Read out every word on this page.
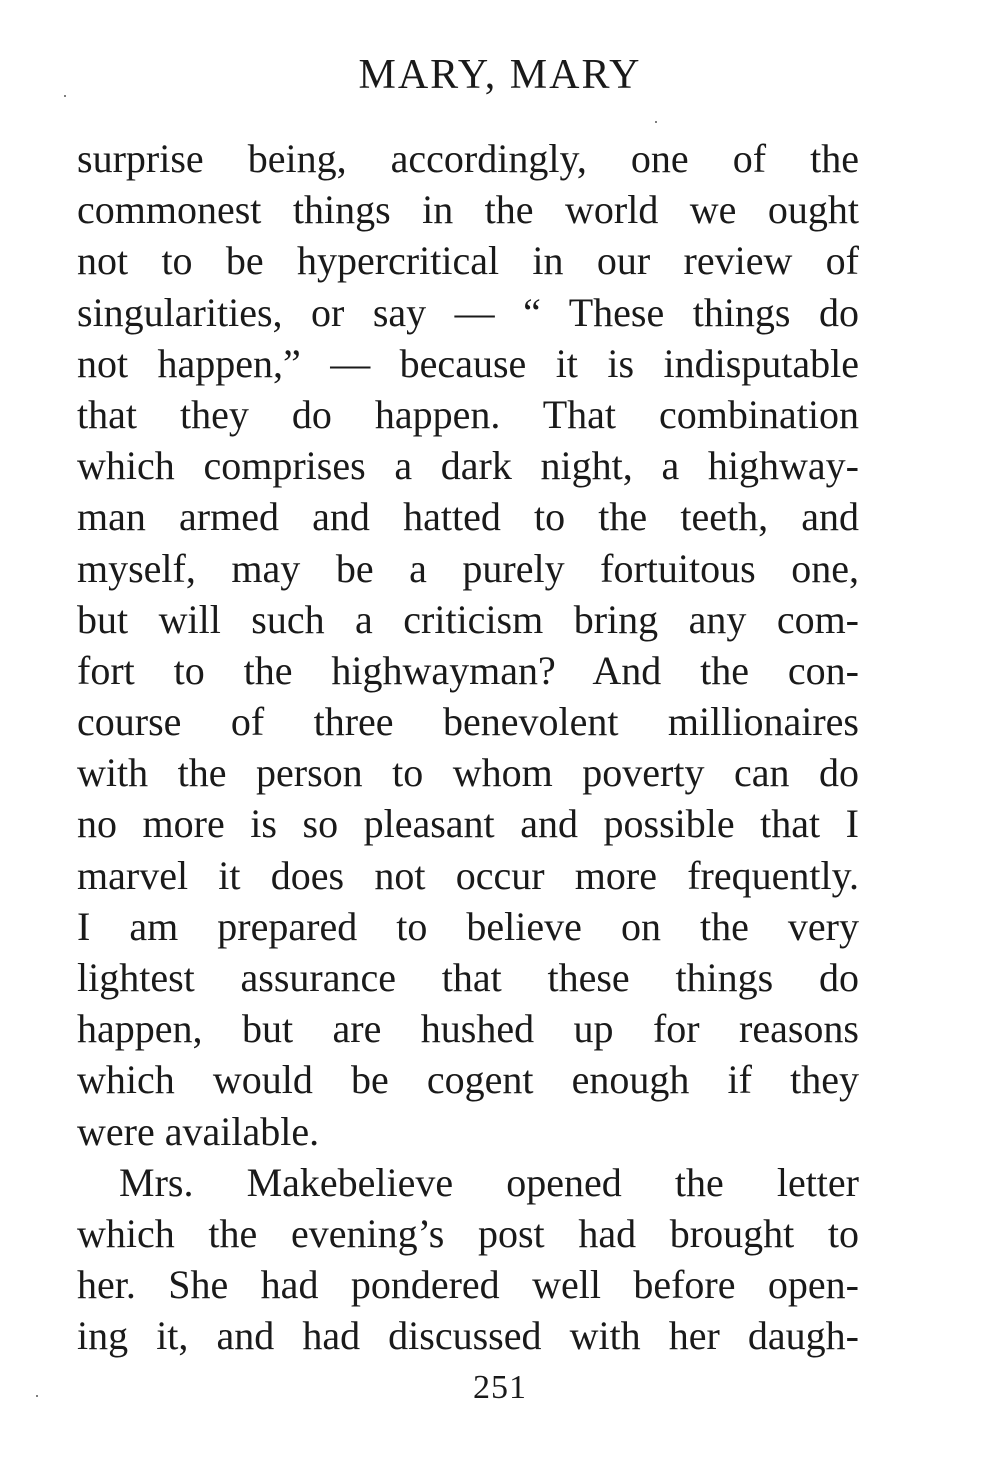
MARY, MARY
surprise being, accordingly, one of the
commonest things in the world we ought
not to be hypercritical in our review of
singularities, or say — “ These things do
not happen,” — because it is indisputable
that they do happen. That combination
which comprises a dark night, a highway-
man armed and hatted to the teeth, and
myself, may be a purely fortuitous one,
but will such a criticism bring any com-
fort to the highwayman? And the con-
course of three benevolent millionaires
with the person to whom poverty can do
no more is so pleasant and possible that I
marvel it does not occur more frequently.
I am prepared to believe on the very
lightest assurance that these things do
happen, but are hushed up for reasons
which would be cogent enough if they
were available.
Mrs. Makebelieve opened the letter
which the evening’s post had brought to
her. She had pondered well before open-
ing it, and had discussed with her daugh-
251
